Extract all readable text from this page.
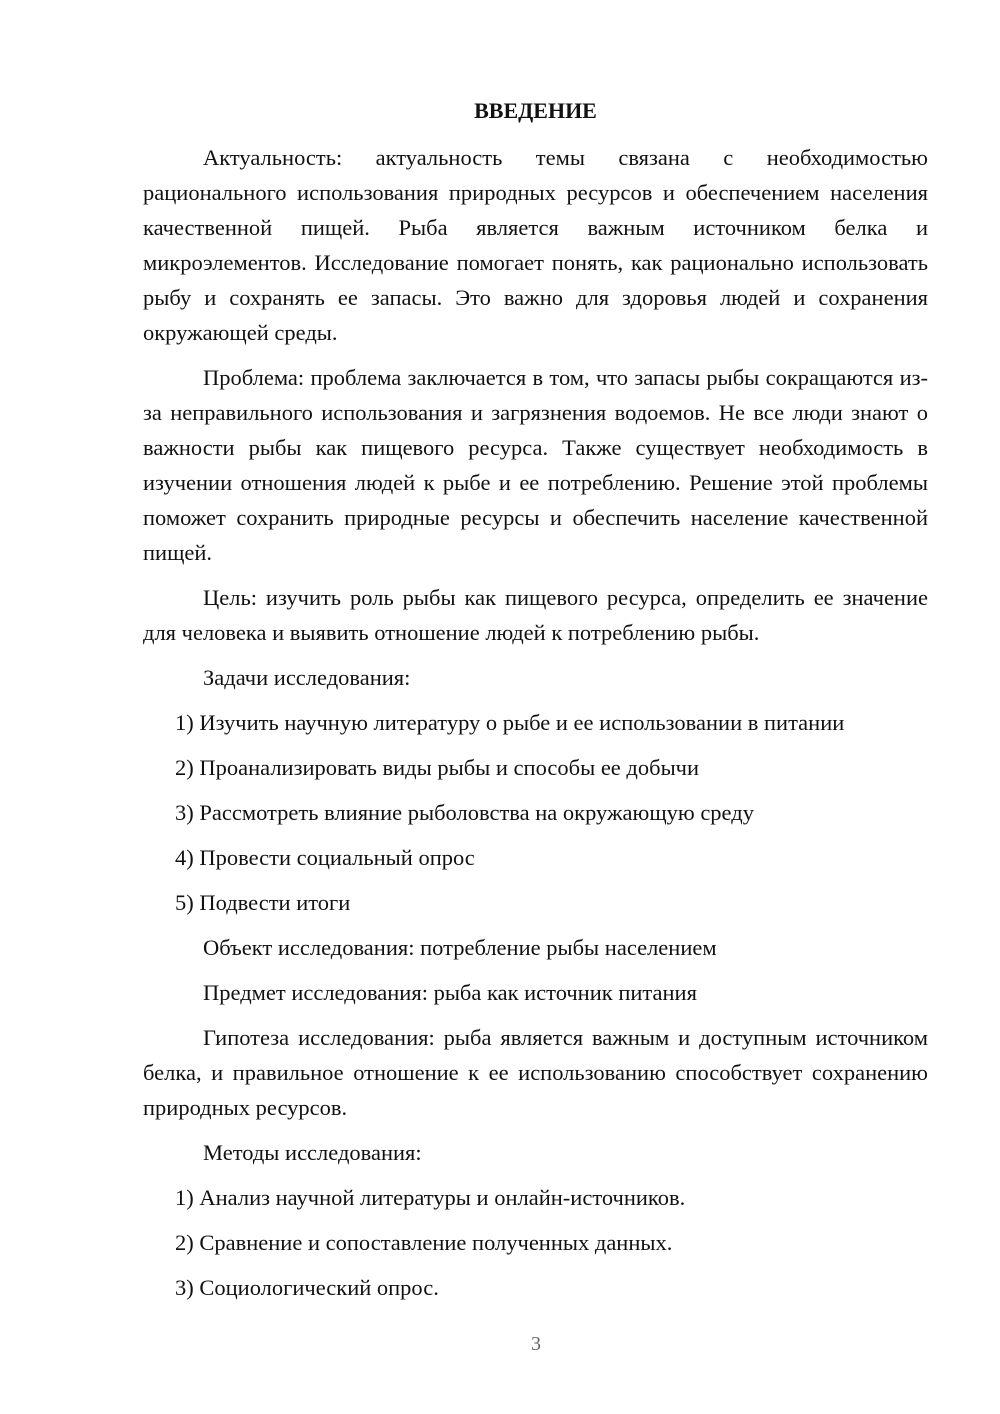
ВВЕДЕНИЕ

Актуальность: актуальность темы связана с необходимостью рационального использования природных ресурсов и обеспечением населения качественной пищей. Рыба является важным источником белка и микроэлементов. Исследование помогает понять, как рационально использовать рыбу и сохранять ее запасы. Это важно для здоровья людей и сохранения окружающей среды.

Проблема: проблема заключается в том, что запасы рыбы сокращаются из-за неправильного использования и загрязнения водоемов. Не все люди знают о важности рыбы как пищевого ресурса. Также существует необходимость в изучении отношения людей к рыбе и ее потреблению. Решение этой проблемы поможет сохранить природные ресурсы и обеспечить население качественной пищей.

Цель: изучить роль рыбы как пищевого ресурса, определить ее значение для человека и выявить отношение людей к потреблению рыбы.

Задачи исследования:
1) Изучить научную литературу о рыбе и ее использовании в питании
2) Проанализировать виды рыбы и способы ее добычи
3) Рассмотреть влияние рыболовства на окружающую среду
4) Провести социальный опрос
5) Подвести итоги
Объект исследования: потребление рыбы населением
Предмет исследования: рыба как источник питания

Гипотеза исследования: рыба является важным и доступным источником белка, и правильное отношение к ее использованию способствует сохранению природных ресурсов.

Методы исследования:
1) Анализ научной литературы и онлайн-источников.
2) Сравнение и сопоставление полученных данных.
3) Социологический опрос.
3
